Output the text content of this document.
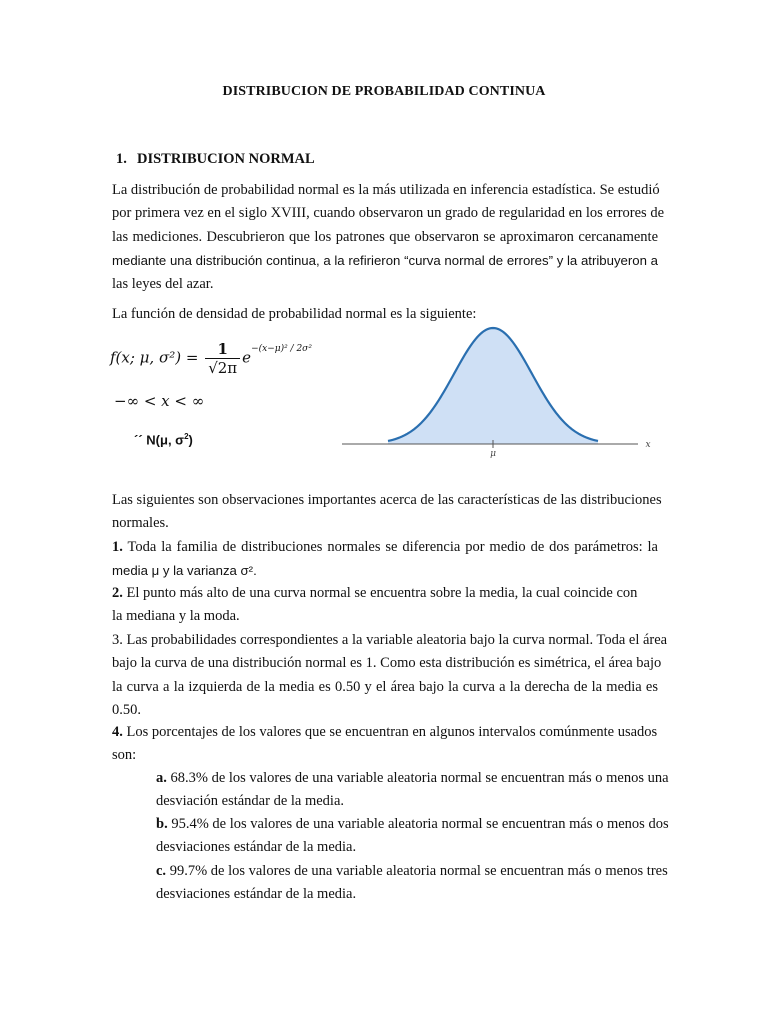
DISTRIBUCION DE PROBABILIDAD CONTINUA
1. DISTRIBUCION NORMAL
La distribución de probabilidad normal es la más utilizada en inferencia estadística. Se estudió
por primera vez en el siglo XVIII, cuando observaron un grado de regularidad en los errores de
las mediciones. Descubrieron que los patrones que observaron se aproximaron cercanamente
mediante una distribución continua, a la refirieron “curva normal de errores” y la atribuyeron a
las leyes del azar.
La función de densidad de probabilidad normal es la siguiente:
f(x; μ, $\sigma^2) = \frac{1}{√2\pi} e^{-(x-\mu)^2 / 2\sigma^2}$
−∞ < x < ∞
´´ N(μ, $\sigma^2$)
μ
x
Las siguientes son observaciones importantes acerca de las características de las distribuciones
normales.
1. Toda la familia de distribuciones normales se diferencia por medio de dos parámetros: la
media μ y la varianza σ².
2. El punto más alto de una curva normal se encuentra sobre la media, la cual coincide con
la mediana y la moda.
3. Las probabilidades correspondientes a la variable aleatoria bajo la curva normal. Toda el área
bajo la curva de una distribución normal es 1. Como esta distribución es simétrica, el área bajo
la curva a la izquierda de la media es 0.50 y el área bajo la curva a la derecha de la media es
0.50.
4. Los porcentajes de los valores que se encuentran en algunos intervalos comúnmente usados
son:
a. 68.3% de los valores de una variable aleatoria normal se encuentran más o menos una
desviación estándar de la media.
b. 95.4% de los valores de una variable aleatoria normal se encuentran más o menos dos
desviaciones estándar de la media.
c. 99.7% de los valores de una variable aleatoria normal se encuentran más o menos tres
desviaciones estándar de la media.
